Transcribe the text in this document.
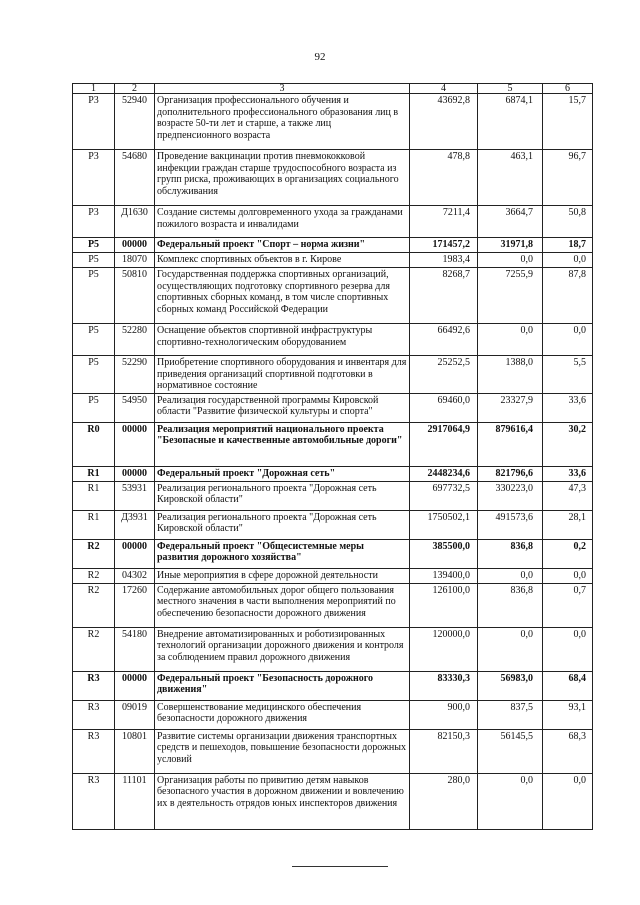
92
1	2	3	4	5	6
P3	52940	Организация профессионального обучения и дополнительного профессионального образования лиц в возрасте 50-ти лет и старше, а также лиц предпенсионного возраста	43692,8	6874,1	15,7
P3	54680	Проведение вакцинации против пневмококковой инфекции граждан старше трудоспособного возраста из групп риска, проживающих в организациях социального обслуживания	478,8	463,1	96,7
P3	Д1630	Создание системы долговременного ухода за гражданами пожилого возраста и инвалидами	7211,4	3664,7	50,8
P5	00000	Федеральный проект "Спорт – норма жизни"	171457,2	31971,8	18,7
P5	18070	Комплекс спортивных объектов в г. Кирове	1983,4	0,0	0,0
P5	50810	Государственная поддержка спортивных организаций, осуществляющих подготовку спортивного резерва для спортивных сборных команд, в том числе спортивных сборных команд Российской Федерации	8268,7	7255,9	87,8
P5	52280	Оснащение объектов спортивной инфраструктуры спортивно-технологическим оборудованием	66492,6	0,0	0,0
P5	52290	Приобретение спортивного оборудования и инвентаря для приведения организаций спортивной подготовки в нормативное состояние	25252,5	1388,0	5,5
P5	54950	Реализация государственной программы Кировской области "Развитие физической культуры и спорта"	69460,0	23327,9	33,6
R0	00000	Реализация мероприятий национального проекта "Безопасные и качественные автомобильные дороги"	2917064,9	879616,4	30,2
R1	00000	Федеральный проект "Дорожная сеть"	2448234,6	821796,6	33,6
R1	53931	Реализация регионального проекта "Дорожная сеть Кировской области"	697732,5	330223,0	47,3
R1	Д3931	Реализация регионального проекта "Дорожная сеть Кировской области"	1750502,1	491573,6	28,1
R2	00000	Федеральный проект "Общесистемные меры развития дорожного хозяйства"	385500,0	836,8	0,2
R2	04302	Иные мероприятия в сфере дорожной деятельности	139400,0	0,0	0,0
R2	17260	Содержание автомобильных дорог общего пользования местного значения в части выполнения мероприятий по обеспечению безопасности дорожного движения	126100,0	836,8	0,7
R2	54180	Внедрение автоматизированных и роботизированных технологий организации дорожного движения и контроля за соблюдением правил дорожного движения	120000,0	0,0	0,0
R3	00000	Федеральный проект "Безопасность дорожного движения"	83330,3	56983,0	68,4
R3	09019	Совершенствование медицинского обеспечения безопасности дорожного движения	900,0	837,5	93,1
R3	10801	Развитие системы организации движения транспортных средств и пешеходов, повышение безопасности дорожных условий	82150,3	56145,5	68,3
R3	11101	Организация работы по привитию детям навыков безопасного участия в дорожном движении и вовлечению их в деятельность отрядов юных инспекторов движения	280,0	0,0	0,0
